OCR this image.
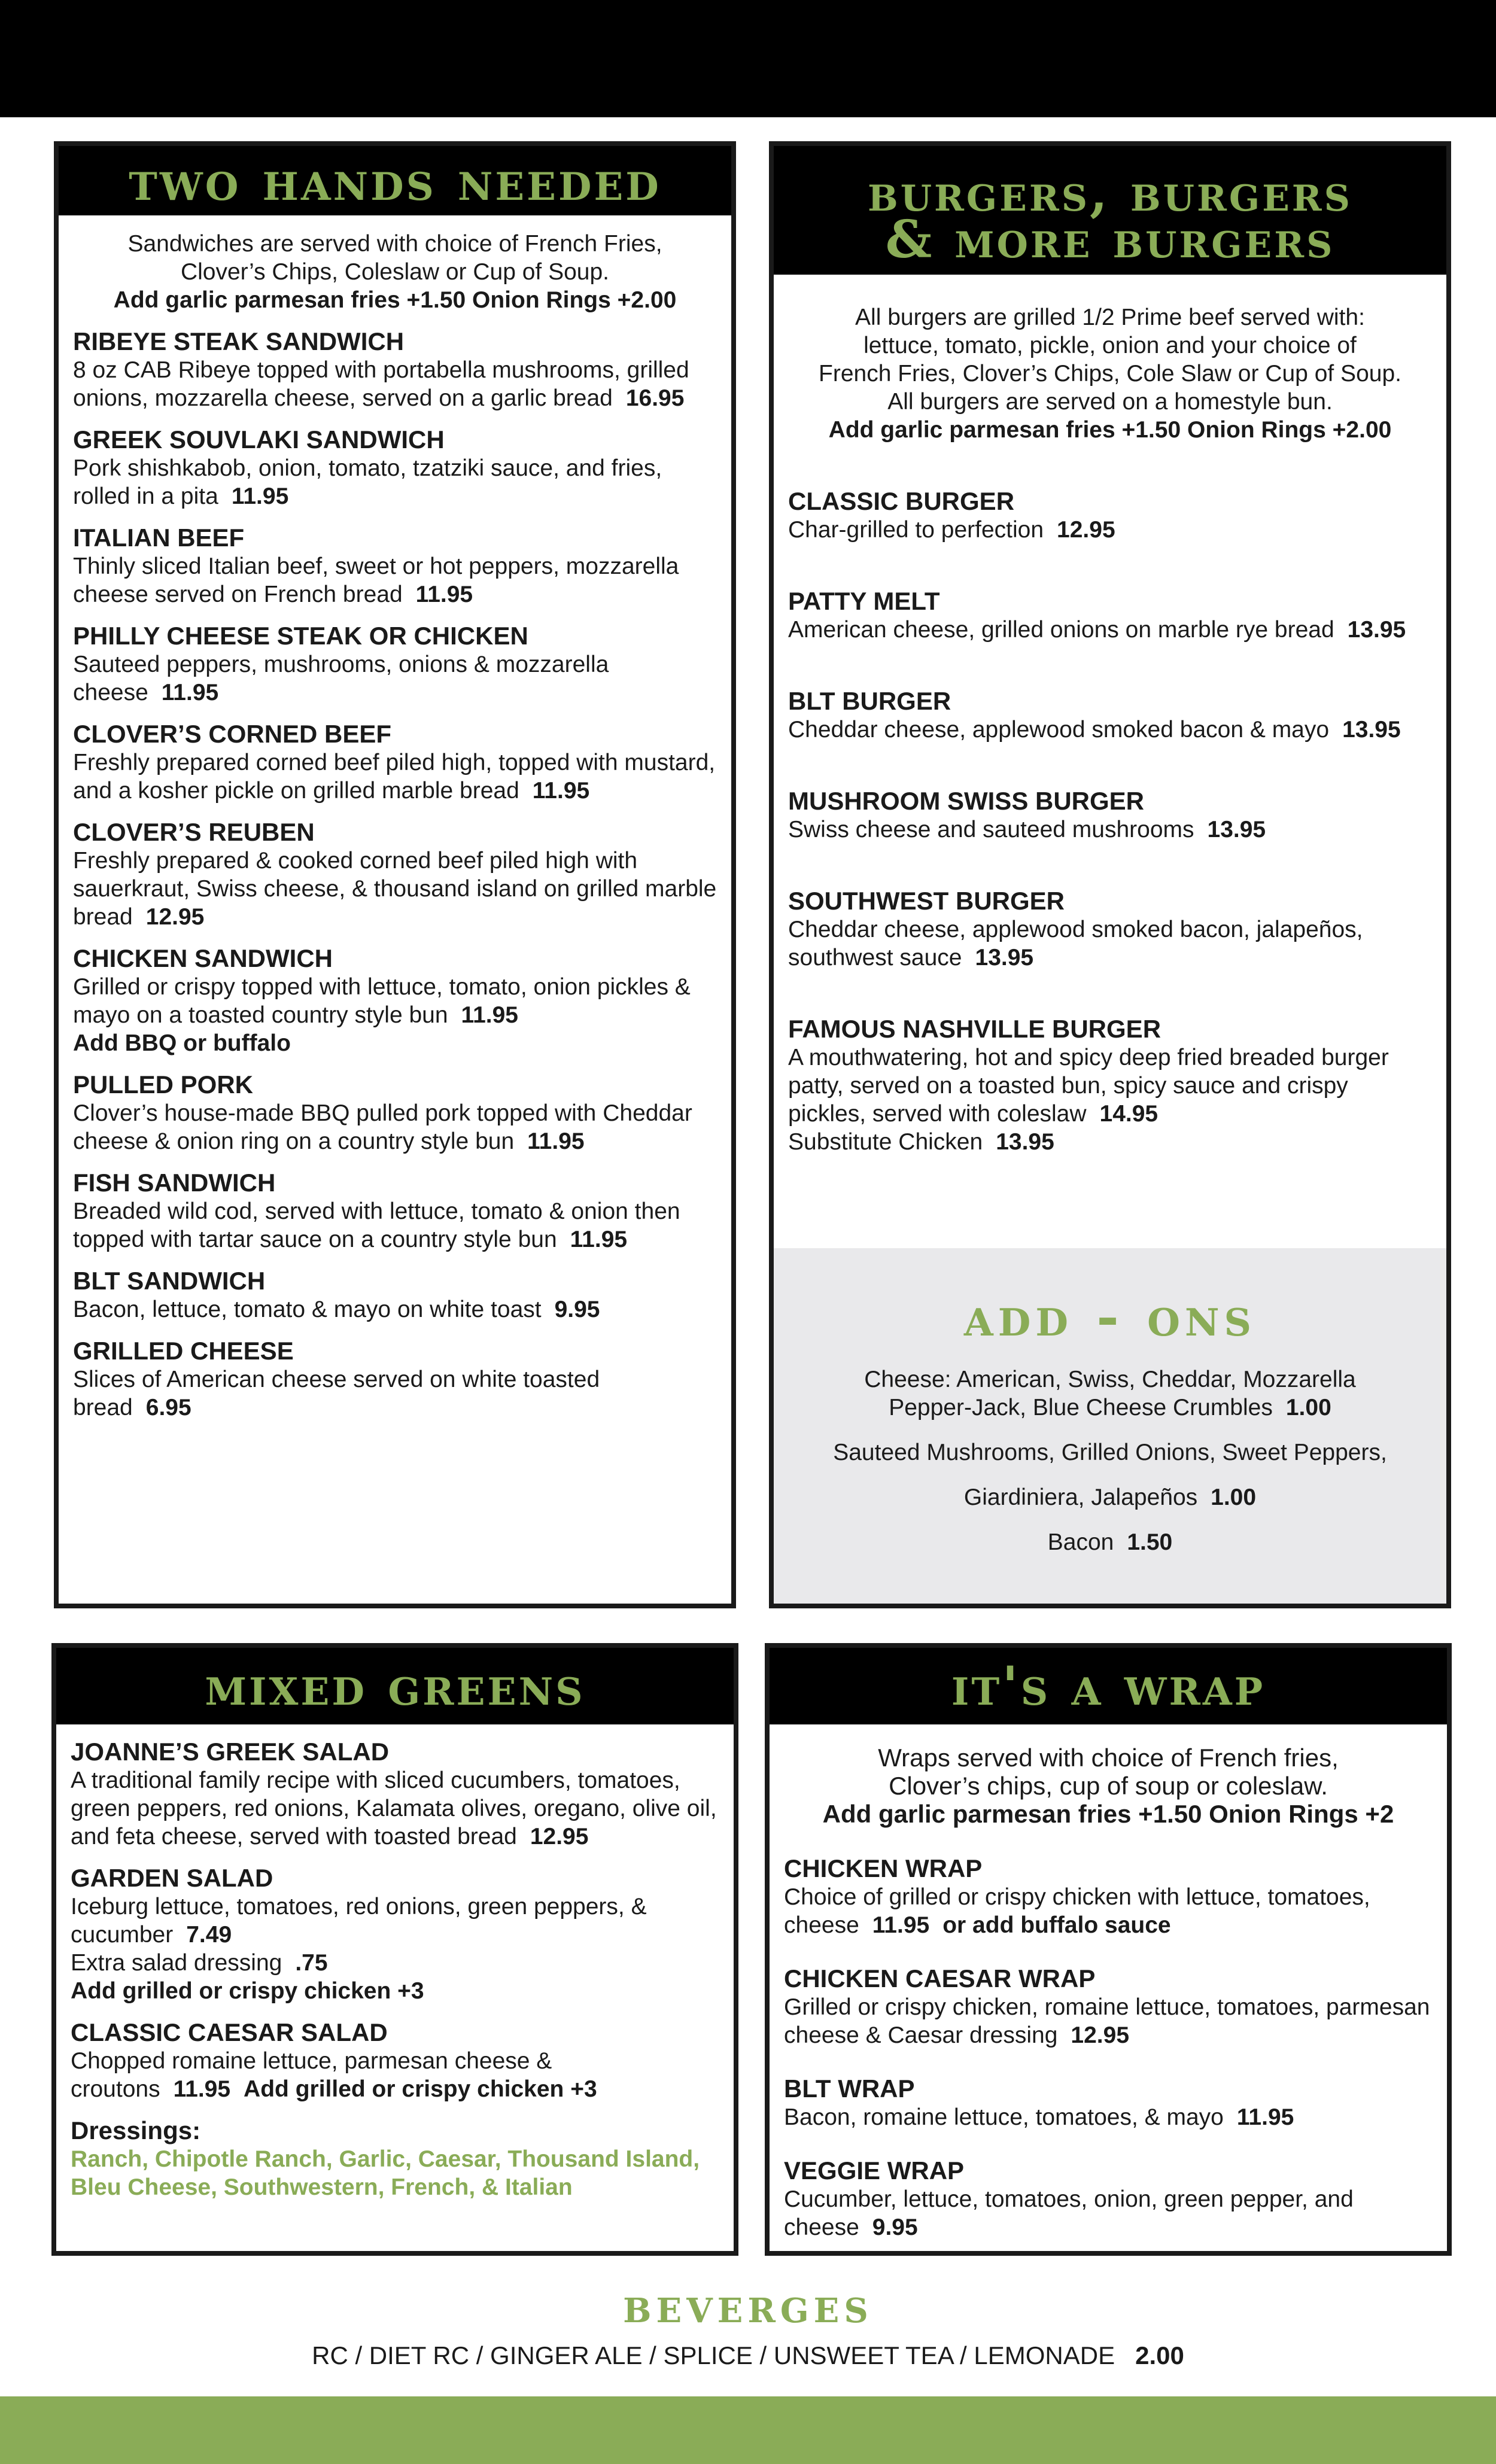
two hands needed
Sandwiches are served with choice of French Fries,
Clover’s Chips, Coleslaw or Cup of Soup.
Add garlic parmesan fries +1.50 Onion Rings +2.00
RIBEYE STEAK SANDWICH
8 oz CAB Ribeye topped with portabella mushrooms, grilled onions, mozzarella cheese, served on a garlic bread 16.95
GREEK SOUVLAKI SANDWICH
Pork shishkabob, onion, tomato, tzatziki sauce, and fries, rolled in a pita 11.95
ITALIAN BEEF
Thinly sliced Italian beef, sweet or hot peppers, mozzarella cheese served on French bread 11.95
PHILLY CHEESE STEAK OR CHICKEN
Sauteed peppers, mushrooms, onions & mozzarella cheese 11.95
CLOVER’S CORNED BEEF
Freshly prepared corned beef piled high, topped with mustard, and a kosher pickle on grilled marble bread 11.95
CLOVER’S REUBEN
Freshly prepared & cooked corned beef piled high with sauerkraut, Swiss cheese, & thousand island on grilled marble bread 12.95
CHICKEN SANDWICH
Grilled or crispy topped with lettuce, tomato, onion pickles & mayo on a toasted country style bun 11.95
Add BBQ or buffalo
PULLED PORK
Clover’s house-made BBQ pulled pork topped with Cheddar cheese & onion ring on a country style bun 11.95
FISH SANDWICH
Breaded wild cod, served with lettuce, tomato & onion then topped with tartar sauce on a country style bun 11.95
BLT SANDWICH
Bacon, lettuce, tomato & mayo on white toast 9.95
GRILLED CHEESE
Slices of American cheese served on white toasted bread 6.95
burgers, burgers
& more burgers
All burgers are grilled 1/2 Prime beef served with:
lettuce, tomato, pickle, onion and your choice of
French Fries, Clover’s Chips, Cole Slaw or Cup of Soup.
All burgers are served on a homestyle bun.
Add garlic parmesan fries +1.50 Onion Rings +2.00
CLASSIC BURGER
Char-grilled to perfection 12.95
PATTY MELT
American cheese, grilled onions on marble rye bread 13.95
BLT BURGER
Cheddar cheese, applewood smoked bacon & mayo 13.95
MUSHROOM SWISS BURGER
Swiss cheese and sauteed mushrooms 13.95
SOUTHWEST BURGER
Cheddar cheese, applewood smoked bacon, jalapeños, southwest sauce 13.95
FAMOUS NASHVILLE BURGER
A mouthwatering, hot and spicy deep fried breaded burger patty, served on a toasted bun, spicy sauce and crispy pickles, served with coleslaw 14.95
Substitute Chicken 13.95
add - ons
Cheese: American, Swiss, Cheddar, Mozzarella
Pepper-Jack, Blue Cheese Crumbles 1.00
Sauteed Mushrooms, Grilled Onions, Sweet Peppers,
Giardiniera, Jalapeños 1.00
Bacon 1.50
mixed greens
JOANNE’S GREEK SALAD
A traditional family recipe with sliced cucumbers, tomatoes, green peppers, red onions, Kalamata olives, oregano, olive oil, and feta cheese, served with toasted bread 12.95
GARDEN SALAD
Iceburg lettuce, tomatoes, red onions, green peppers, & cucumber 7.49
Extra salad dressing .75
Add grilled or crispy chicken +3
CLASSIC CAESAR SALAD
Chopped romaine lettuce, parmesan cheese & croutons 11.95 Add grilled or crispy chicken +3
Dressings:
Ranch, Chipotle Ranch, Garlic, Caesar, Thousand Island, Bleu Cheese, Southwestern, French, & Italian
it's a wrap
Wraps served with choice of French fries,
Clover’s chips, cup of soup or coleslaw.
Add garlic parmesan fries +1.50 Onion Rings +2
CHICKEN WRAP
Choice of grilled or crispy chicken with lettuce, tomatoes, cheese 11.95 or add buffalo sauce
CHICKEN CAESAR WRAP
Grilled or crispy chicken, romaine lettuce, tomatoes, parmesan cheese & Caesar dressing 12.95
BLT WRAP
Bacon, romaine lettuce, tomatoes, & mayo 11.95
VEGGIE WRAP
Cucumber, lettuce, tomatoes, onion, green pepper, and cheese 9.95
beverges
RC / DIET RC / GINGER ALE / SPLICE / UNSWEET TEA / LEMONADE 2.00
